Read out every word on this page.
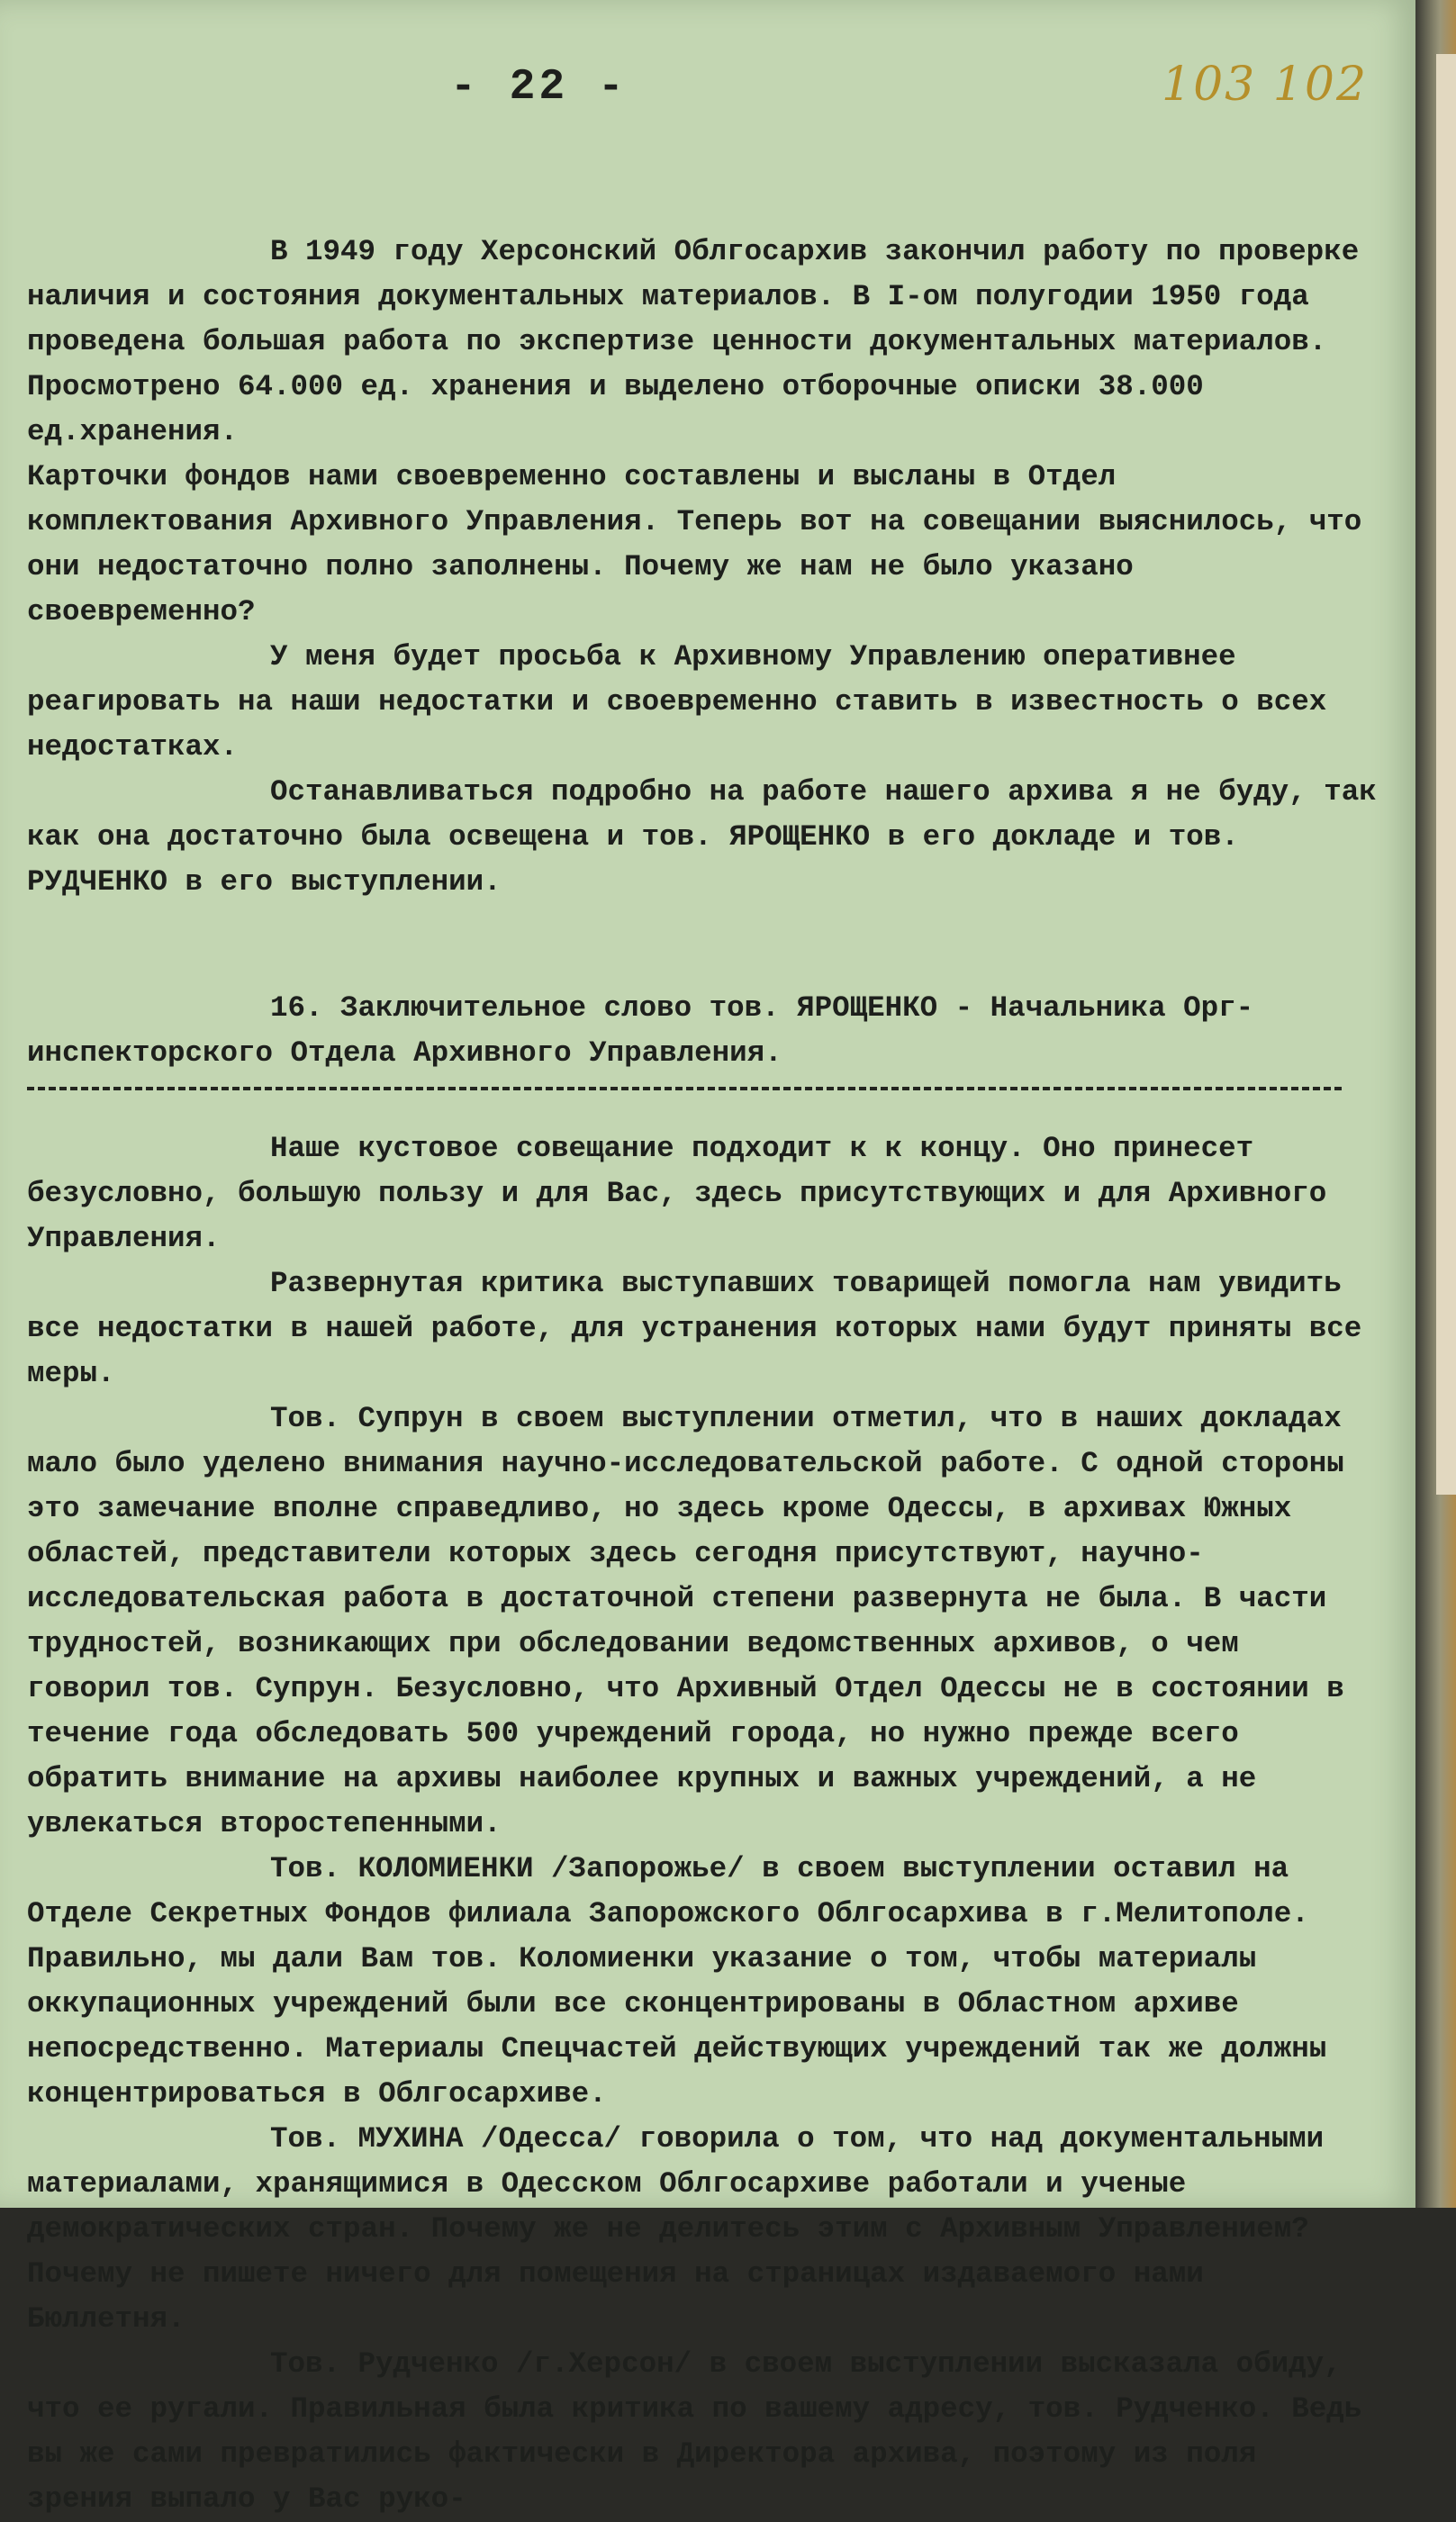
- 22 -	103 102

В 1949 году Херсонский Облгосархив закончил работу по проверке наличия и состояния документальных материалов. В I-ом полугодии 1950 года проведена большая работа по экспертизе ценности документальных материалов. Просмотрено 64.000 ед. хранения и выделено отборочные описки 38.000 ед.хранения.

Карточки фондов нами своевременно составлены и высланы в Отдел комплектования Архивного Управления. Теперь вот на совещании выяснилось, что они недостаточно полно заполнены. Почему же нам не было указано своевременно?

У меня будет просьба к Архивному Управлению оперативнее реагировать на наши недостатки и своевременно ставить в известность о всех недостатках.

Останавливаться подробно на работе нашего архива я не буду, так как она достаточно была освещена и тов. ЯРОЩЕНКО в его докладе и тов. РУДЧЕНКО в его выступлении.

16. Заключительное слово тов. ЯРОЩЕНКО - Начальника Орг-инспекторского Отдела Архивного Управления.

Наше кустовое совещание подходит к к концу. Оно принесет безусловно, большую пользу и для Вас, здесь присутствующих и для Архивного Управления.

Развернутая критика выступавших товарищей помогла нам увидить все недостатки в нашей работе, для устранения которых нами будут приняты все меры.

Тов. Супрун в своем выступлении отметил, что в наших докладах мало было уделено внимания научно-исследовательской работе. С одной стороны это замечание вполне справедливо, но здесь кроме Одессы, в архивах Южных областей, представители которых здесь сегодня присутствуют, научно-исследовательская работа в достаточной степени развернута не была. В части трудностей, возникающих при обследовании ведомственных архивов, о чем говорил тов. Супрун. Безусловно, что Архивный Отдел Одессы не в состоянии в течение года обследовать 500 учреждений города, но нужно прежде всего обратить внимание на архивы наиболее крупных и важных учреждений, а не увлекаться второстепенными.

Тов. КОЛОМИЕНКИ /Запорожье/ в своем выступлении оставил на Отделе Секретных Фондов филиала Запорожского Облгосархива в г.Мелитополе. Правильно, мы дали Вам тов. Коломиенки указание о том, чтобы материалы оккупационных учреждений были все сконцентрированы в Областном архиве непосредственно. Материалы Спецчастей действующих учреждений так же должны концентрироваться в Облгосархиве.

Тов. МУХИНА /Одесса/ говорила о том, что над документальными материалами, хранящимися в Одесском Облгосархиве работали и ученые демократических стран. Почему же не делитесь этим с Архивным Управлением? Почему не пишете ничего для помещения на страницах издаваемого нами Бюллетня.

Тов. Рудченко /г.Херсон/ в своем выступлении высказала обиду, что ее ругали. Правильная была критика по вашему адресу, тов. Рудченко. Ведь вы же сами превратились фактически в Директора архива, поэтому из поля зрения выпало у Вас руко-
